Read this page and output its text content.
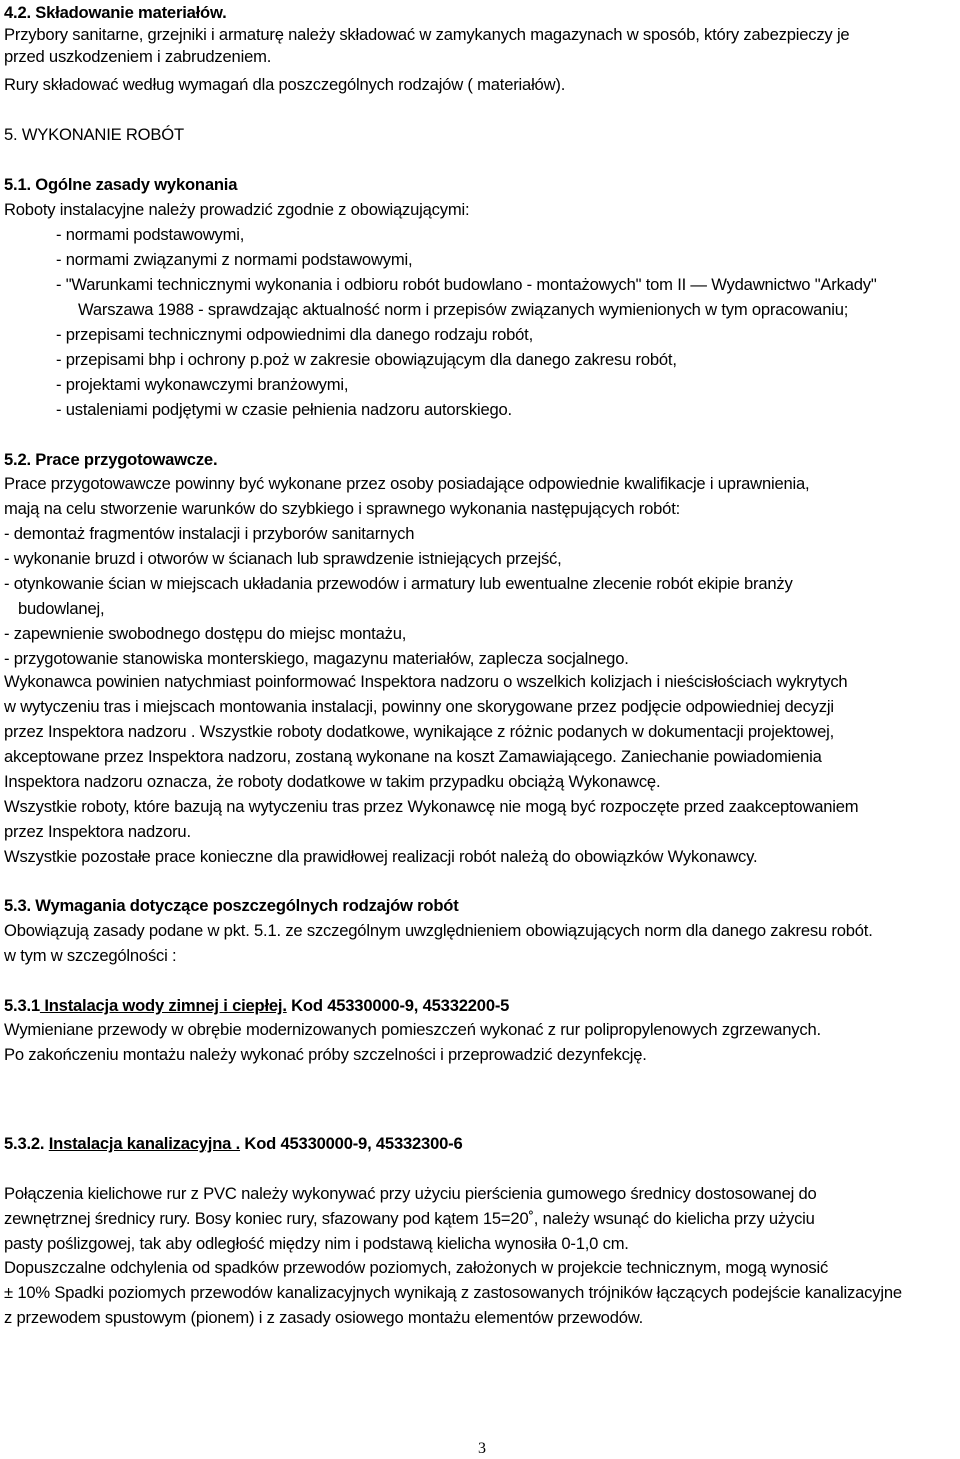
4.2. Składowanie materiałów.
Przybory sanitarne, grzejniki i armaturę należy składować w zamykanych magazynach w sposób, który zabezpieczy je
przed uszkodzeniem i zabrudzeniem.
Rury składować według wymagań dla poszczególnych rodzajów ( materiałów).
5. WYKONANIE ROBÓT
5.1. Ogólne zasady wykonania
Roboty instalacyjne należy prowadzić zgodnie z obowiązującymi:
- normami podstawowymi,
- normami związanymi z normami podstawowymi,
- "Warunkami technicznymi wykonania i odbioru robót budowlano - montażowych" tom II — Wydawnictwo "Arkady"
Warszawa 1988 - sprawdzając aktualność norm i przepisów związanych wymienionych w tym opracowaniu;
- przepisami technicznymi odpowiednimi dla danego rodzaju robót,
- przepisami bhp i ochrony p.poż w zakresie obowiązującym dla danego zakresu robót,
- projektami wykonawczymi branżowymi,
- ustaleniami podjętymi w czasie pełnienia nadzoru autorskiego.
5.2. Prace przygotowawcze.
Prace przygotowawcze powinny być wykonane przez osoby posiadające odpowiednie kwalifikacje i uprawnienia,
mają na celu stworzenie warunków do szybkiego i sprawnego wykonania następujących robót:
- demontaż fragmentów instalacji i przyborów sanitarnych
- wykonanie bruzd i otworów w ścianach lub sprawdzenie istniejących przejść,
- otynkowanie ścian w miejscach układania przewodów i armatury lub ewentualne zlecenie robót ekipie branży
budowlanej,
- zapewnienie swobodnego dostępu do miejsc montażu,
- przygotowanie stanowiska monterskiego, magazynu materiałów, zaplecza socjalnego.
Wykonawca powinien natychmiast poinformować Inspektora nadzoru o wszelkich kolizjach i nieścisłościach wykrytych
w wytyczeniu tras i miejscach montowania instalacji, powinny one skorygowane przez podjęcie odpowiedniej decyzji
przez Inspektora nadzoru . Wszystkie roboty dodatkowe, wynikające z różnic podanych w dokumentacji projektowej,
akceptowane przez Inspektora nadzoru, zostaną wykonane na koszt Zamawiającego. Zaniechanie powiadomienia
Inspektora nadzoru oznacza, że roboty dodatkowe w takim przypadku obciążą Wykonawcę.
Wszystkie roboty, które bazują na wytyczeniu tras przez Wykonawcę nie mogą być rozpoczęte przed zaakceptowaniem
przez Inspektora nadzoru.
Wszystkie pozostałe prace konieczne dla prawidłowej realizacji robót należą do obowiązków Wykonawcy.
5.3. Wymagania dotyczące poszczególnych rodzajów robót
Obowiązują zasady podane w pkt. 5.1. ze szczególnym uwzględnieniem obowiązujących norm dla danego zakresu robót.
w tym w szczególności :
5.3.1 Instalacja wody zimnej i ciepłej. Kod 45330000-9, 45332200-5
Wymieniane przewody w obrębie modernizowanych pomieszczeń wykonać z rur polipropylenowych zgrzewanych.
Po zakończeniu montażu należy wykonać próby szczelności i przeprowadzić dezynfekcję.
5.3.2. Instalacja kanalizacyjna . Kod 45330000-9, 45332300-6
Połączenia kielichowe rur z PVC należy wykonywać przy użyciu pierścienia gumowego średnicy dostosowanej do
zewnętrznej średnicy rury. Bosy koniec rury, sfazowany pod kątem 15=20˚, należy wsunąć do kielicha przy użyciu
pasty poślizgowej, tak aby odległość między nim i podstawą kielicha wynosiła 0-1,0 cm.
Dopuszczalne odchylenia od spadków przewodów poziomych, założonych w projekcie technicznym, mogą wynosić
± 10% Spadki poziomych przewodów kanalizacyjnych wynikają z zastosowanych trójników łączących podejście kanalizacyjne
z przewodem spustowym (pionem) i z zasady osiowego montażu elementów przewodów.
3
